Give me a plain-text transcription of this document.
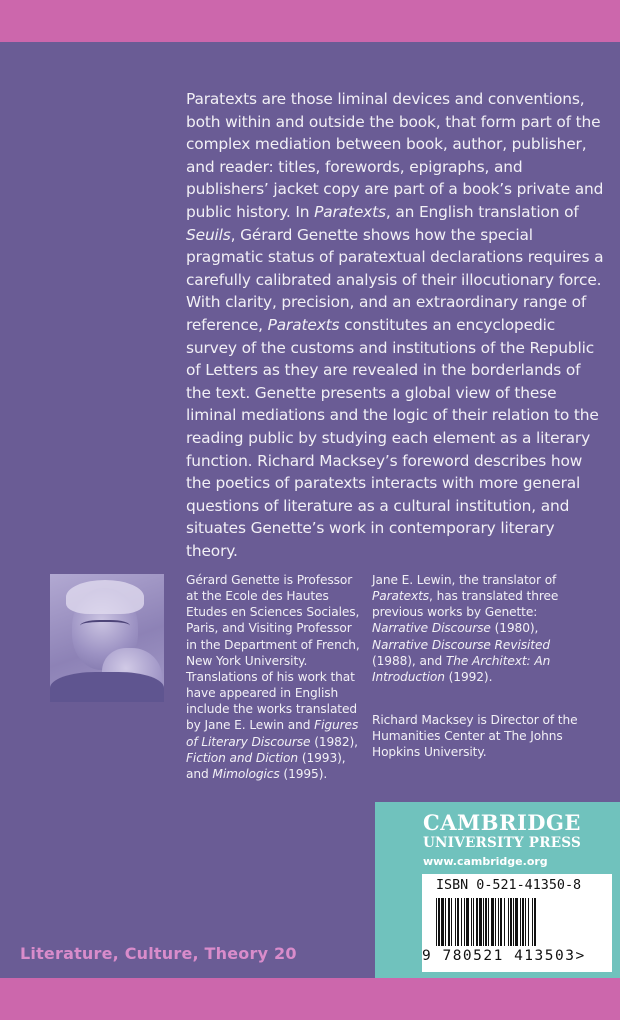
Paratexts are those liminal devices and conventions, both within and outside the book, that form part of the complex mediation between book, author, publisher, and reader: titles, forewords, epigraphs, and publishers’ jacket copy are part of a book’s private and public history. In Paratexts, an English translation of Seuils, Gérard Genette shows how the special pragmatic status of paratextual declarations requires a carefully calibrated analysis of their illocutionary force. With clarity, precision, and an extraordinary range of reference, Paratexts constitutes an encyclopedic survey of the customs and institutions of the Republic of Letters as they are revealed in the borderlands of the text. Genette presents a global view of these liminal mediations and the logic of their relation to the reading public by studying each element as a literary function. Richard Macksey’s foreword describes how the poetics of paratexts interacts with more general questions of literature as a cultural institution, and situates Genette’s work in contemporary literary theory.

Gérard Genette is Professor at the Ecole des Hautes Etudes en Sciences Sociales, Paris, and Visiting Professor in the Department of French, New York University. Translations of his work that have appeared in English include the works translated by Jane E. Lewin and Figures of Literary Discourse (1982), Fiction and Diction (1993), and Mimologics (1995).
Jane E. Lewin, the translator of Paratexts, has translated three previous works by Genette: Narrative Discourse (1980), Narrative Discourse Revisited (1988), and The Architext: An Introduction (1992).
Richard Macksey is Director of the Humanities Center at The Johns Hopkins University.
Literature, Culture, Theory 20
CAMBRIDGE
UNIVERSITY PRESS
www.cambridge.org
ISBN 0-521-41350-8
9 780521 413503>
